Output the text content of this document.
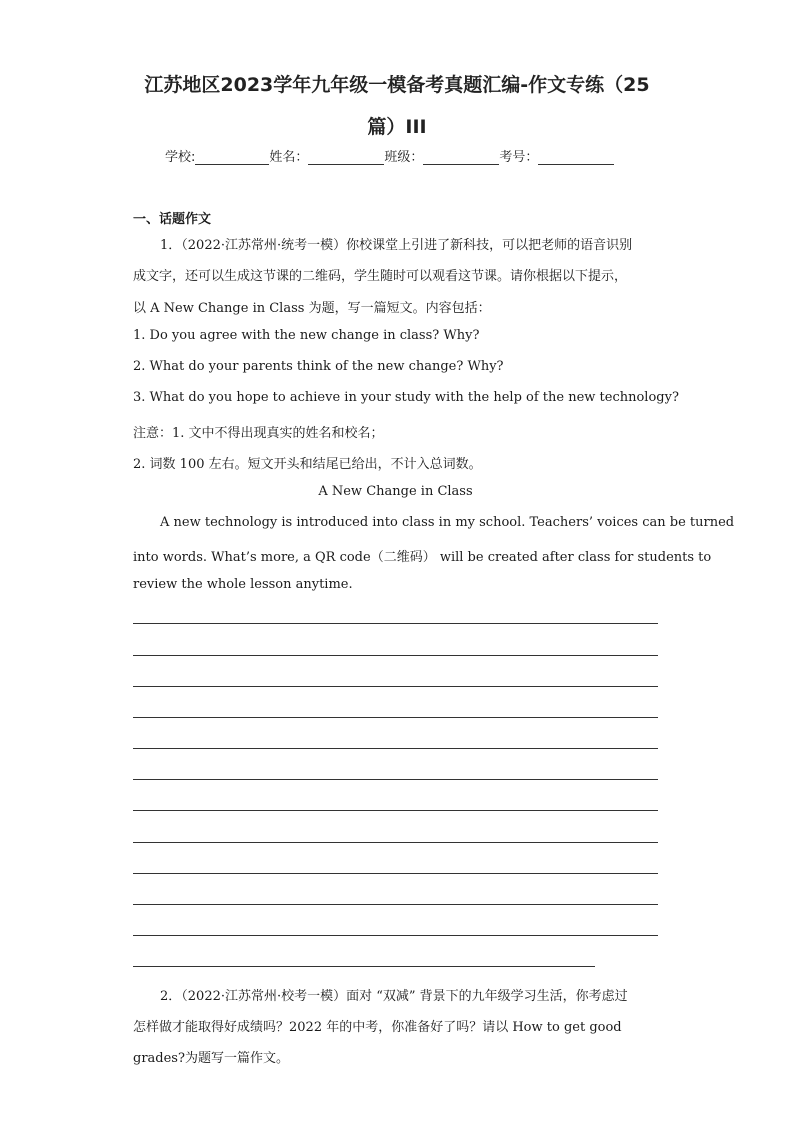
江苏地区2023学年九年级一模备考真题汇编-作文专练（25
篇）III
学校:	姓名：	班级：	考号：
一、话题作文
1．（2022·江苏常州·统考一模）你校课堂上引进了新科技，可以把老师的语音识别
成文字，还可以生成这节课的二维码，学生随时可以观看这节课。请你根据以下提示，
以 A New Change in Class 为题，写一篇短文。内容包括：
1. Do you agree with the new change in class? Why?
2. What do your parents think of the new change? Why?
3. What do you hope to achieve in your study with the help of the new technology?
注意：1. 文中不得出现真实的姓名和校名；
2. 词数 100 左右。短文开头和结尾已给出，不计入总词数。
A New Change in Class
A new technology is introduced into class in my school. Teachers’ voices can be turned
into words. What’s more, a QR code（二维码） will be created after class for students to
review the whole lesson anytime.
2．（2022·江苏常州·校考一模）面对 “双减” 背景下的九年级学习生活，你考虑过
怎样做才能取得好成绩吗？2022 年的中考，你准备好了吗？请以 How to get good
grades?为题写一篇作文。
